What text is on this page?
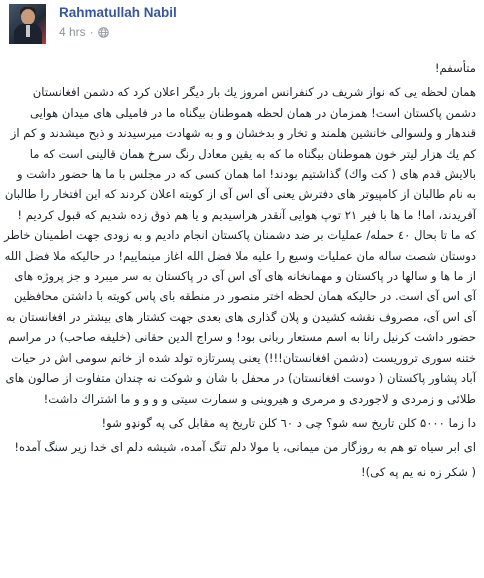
Rahmatullah Nabil
4 hrs ·

متأسفم!

همان لحظه یی که نواز شریف در کنفرانس امروز یك بار دیگر اعلان کرد که دشمن افغانستان دشمن پاکستان است! همزمان در همان لحظه هموطنان بیگناه ما در فامیلی های میدان هوایی قندهار و ولسوالی خانشین هلمند و تخار و بدخشان و و به شهادت میرسیدند و ذبح میشدند و کم از کم یك هزار لیتر خون هموطنان بیگناه ما که به یقین معادل رنگ سرخ همان قالینی است که ما بالایش قدم های ( کت واك) گذاشتیم بودند! اما همان کسی که در مجلس با ما ها حضور داشت و به نام طالبان از کامپیوتر های دفترش یعنی آی اس آی از کویته اعلان کردند که این افتخار را طالبان آفریدند، اما! ما ها با فیر ۲۱ توپ هوایی آنقدر هراسیدیم و یا هم ذوق زده شدیم که قبول کردیم ! که ما تا بحال ٤٠ حمله/ عملیات بر ضد دشمنان پاکستان انجام دادیم و به زودی جهت اطمینان خاطر دوستان شصت ساله مان عملیات وسیع را علیه ملا فضل الله اغاز مینماییم! در حالیکه ملا فضل الله از ما ها و سالها در پاکستان و مهمانخانه های آی اس آی در پاکستان به سر میبرد و جز پروژه های آی اس آی است. در حالیکه همان لحظه اختر منصور در منطقه بای پاس کویته با داشتن محافظین آی اس آی، مصروف نقشه کشیدن و پلان گذاری های بعدی جهت کشتار های بیشتر در افغانستان به حضور داشت کرنیل رانا به اسم مستعار ربانی بود! و سراج الدین حقانی (خلیفه صاحب) در مراسم ختنه سوری تروریست (دشمن افغانستان!!!) یعنی پسرتازه تولد شده از خانم سومی اش در حیات آباد پشاور پاکستان ( دوست افغانستان) در محفل با شان و شوکت نه چندان متفاوت از صالون های طلائی و زمردی و لاجوردی و مرمری و هیروینی و سمارت سیتی و و و و ما اشتراك داشت!

دا زما ۵۰۰۰ کلن تاریخ سه شو؟ چی د ٦٠ کلن تاریخ په مقابل کی په گونډو شو!

ای ابر سیاه تو هم به روزگار من میمانی، یا مولا دلم تنگ آمده، شیشه دلم ای خدا زیر سنگ آمده!

( شکر زه نه یم په کی)!
